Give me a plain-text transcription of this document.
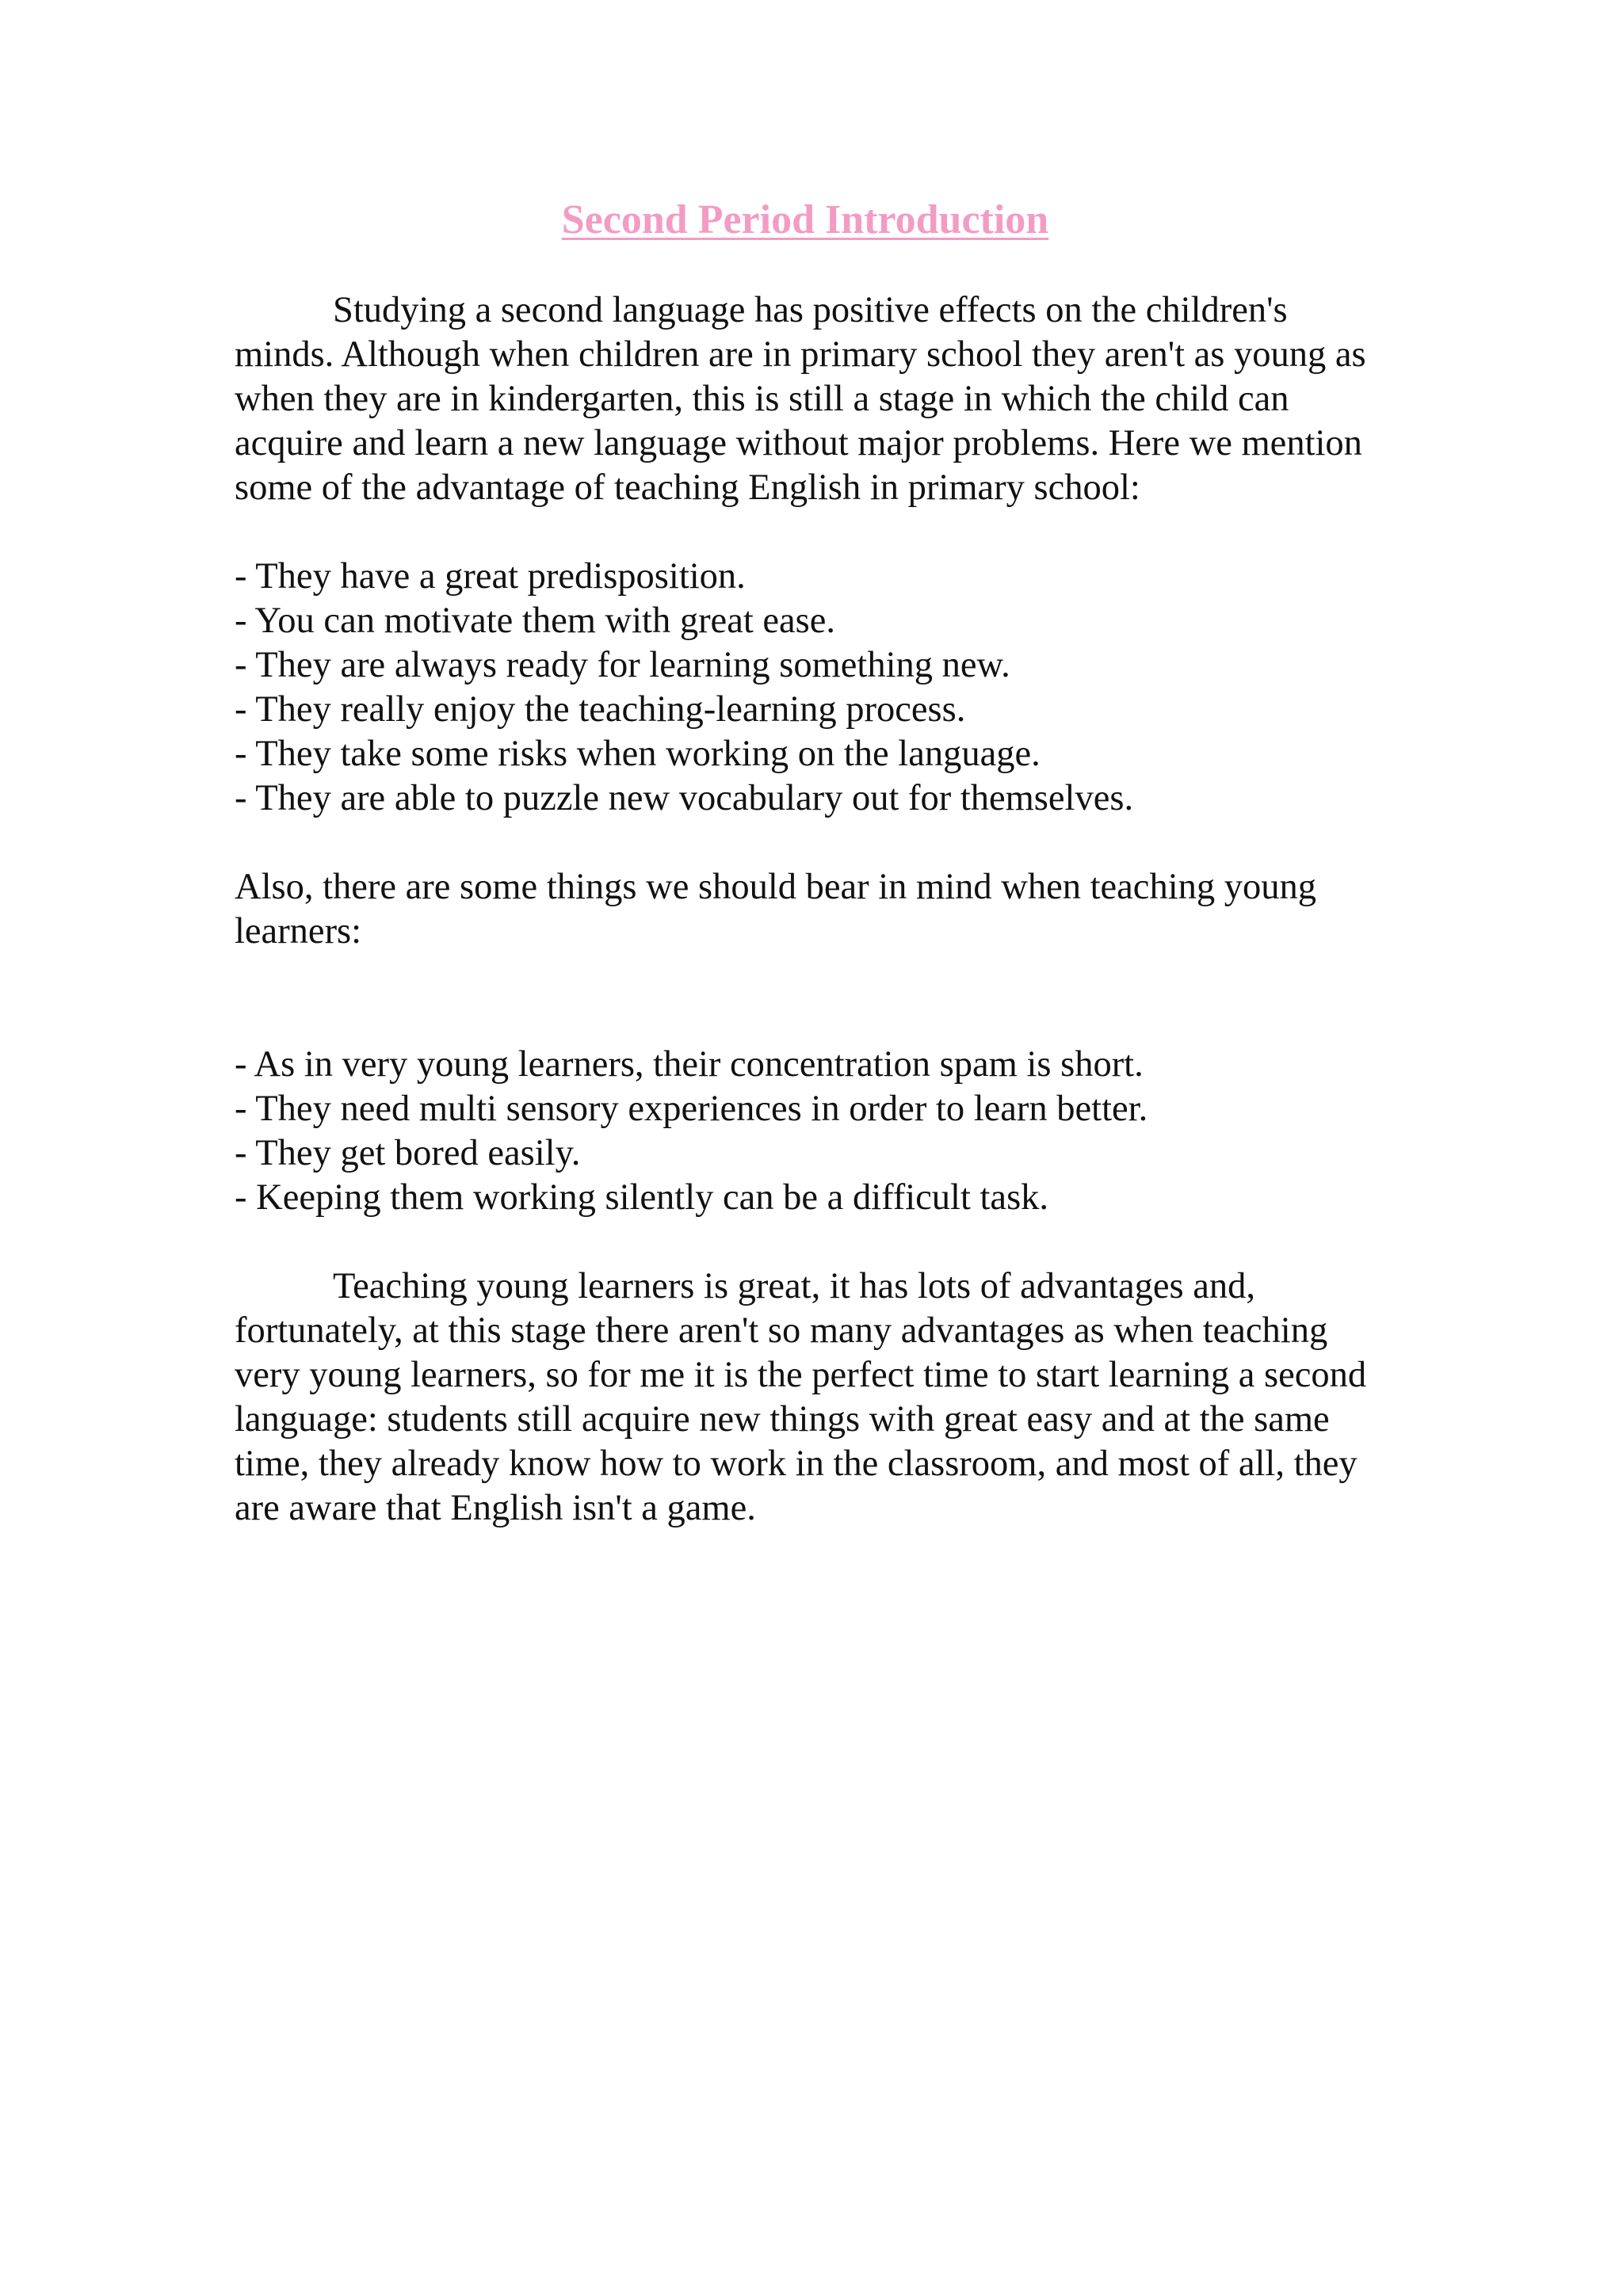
Second Period Introduction

Studying a second language has positive effects on the children's minds. Although when children are in primary school they aren't as young as when they are in kindergarten, this is still a stage in which the child can acquire and learn a new language without major problems. Here we mention some of the advantage of teaching English in primary school:

- They have a great predisposition.
- You can motivate them with great ease.
- They are always ready for learning something new.
- They really enjoy the teaching-learning process.
- They take some risks when working on the language.
- They are able to puzzle new vocabulary out for themselves.

Also, there are some things we should bear in mind when teaching young learners:

- As in very young learners, their concentration spam is short.
- They need multi sensory experiences in order to learn better.
- They get bored easily.
- Keeping them working silently can be a difficult task.

Teaching young learners is great, it has lots of advantages and, fortunately, at this stage there aren't so many advantages as when teaching very young learners, so for me it is the perfect time to start learning a second language: students still acquire new things with great easy and at the same time, they already know how to work in the classroom, and most of all, they are aware that English isn't a game.
